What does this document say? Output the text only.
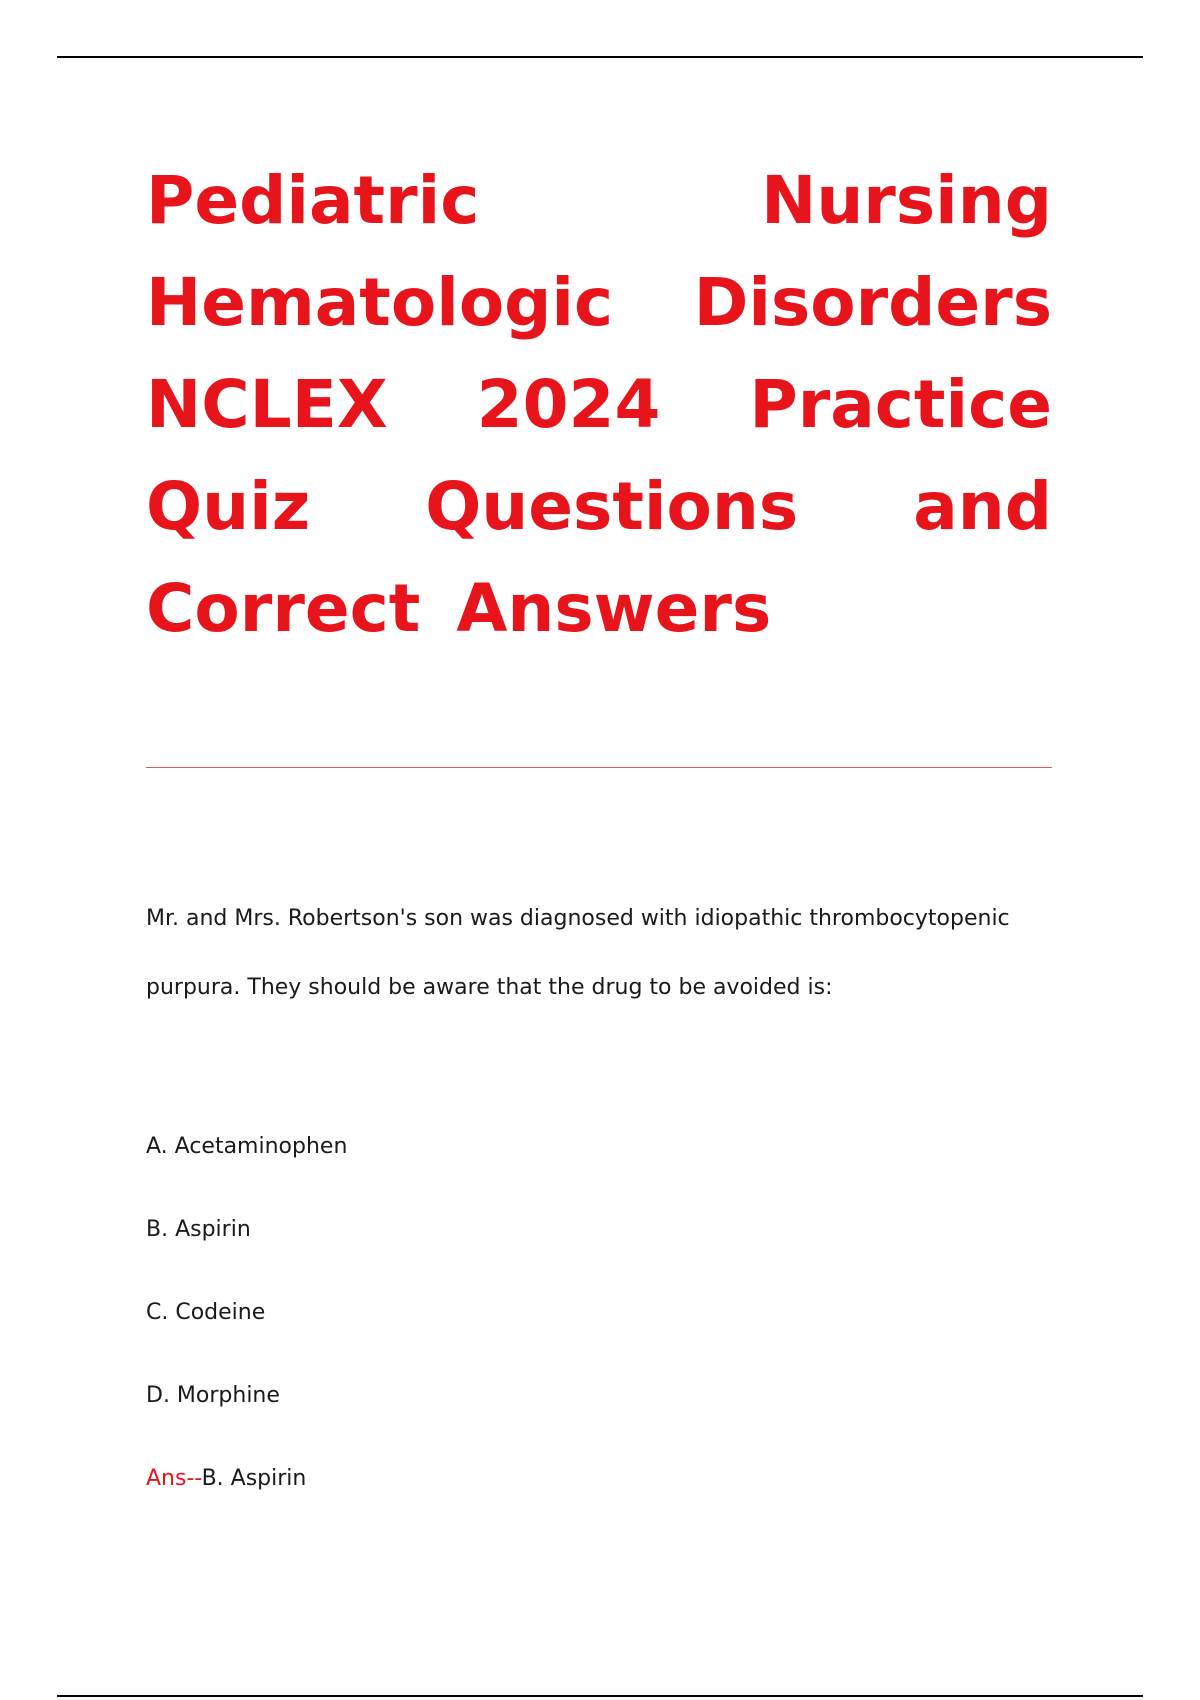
Pediatric	Nursing
Hematologic Disorders
NCLEX 2024 Practice
Quiz Questions and
Correct Answers

Mr. and Mrs. Robertson's son was diagnosed with idiopathic thrombocytopenic purpura. They should be aware that the drug to be avoided is:

A. Acetaminophen
B. Aspirin
C. Codeine
D. Morphine
Ans--B. Aspirin
